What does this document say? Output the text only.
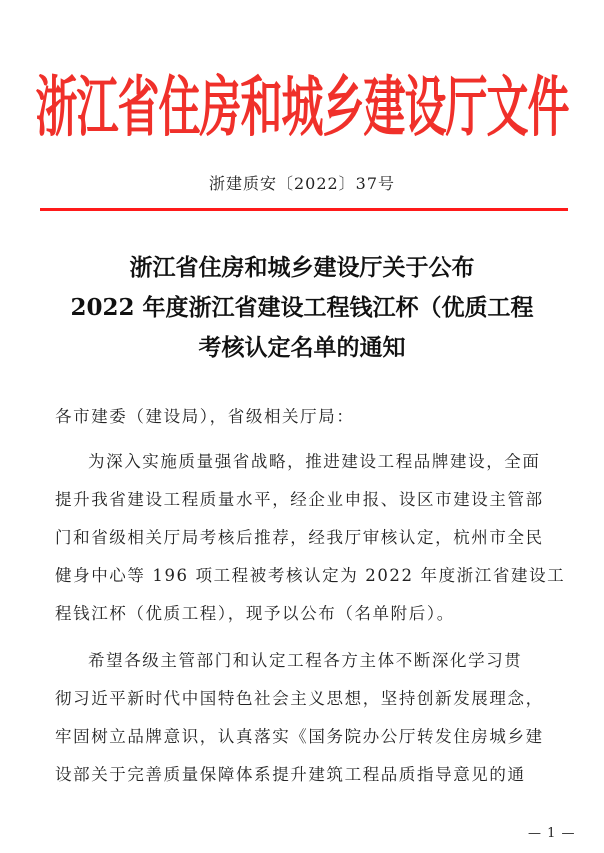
浙江省住房和城乡建设厅文件
浙建质安〔2022〕37号
浙江省住房和城乡建设厅关于公布
2022 年度浙江省建设工程钱江杯（优质工程
考核认定名单的通知
各市建委（建设局），省级相关厅局：
为深入实施质量强省战略，推进建设工程品牌建设，全面
提升我省建设工程质量水平，经企业申报、设区市建设主管部
门和省级相关厅局考核后推荐，经我厅审核认定，杭州市全民
健身中心等 196 项工程被考核认定为 2022 年度浙江省建设工
程钱江杯（优质工程），现予以公布（名单附后）。
希望各级主管部门和认定工程各方主体不断深化学习贯
彻习近平新时代中国特色社会主义思想，坚持创新发展理念，
牢固树立品牌意识，认真落实《国务院办公厅转发住房城乡建
设部关于完善质量保障体系提升建筑工程品质指导意见的通
— 1 —
